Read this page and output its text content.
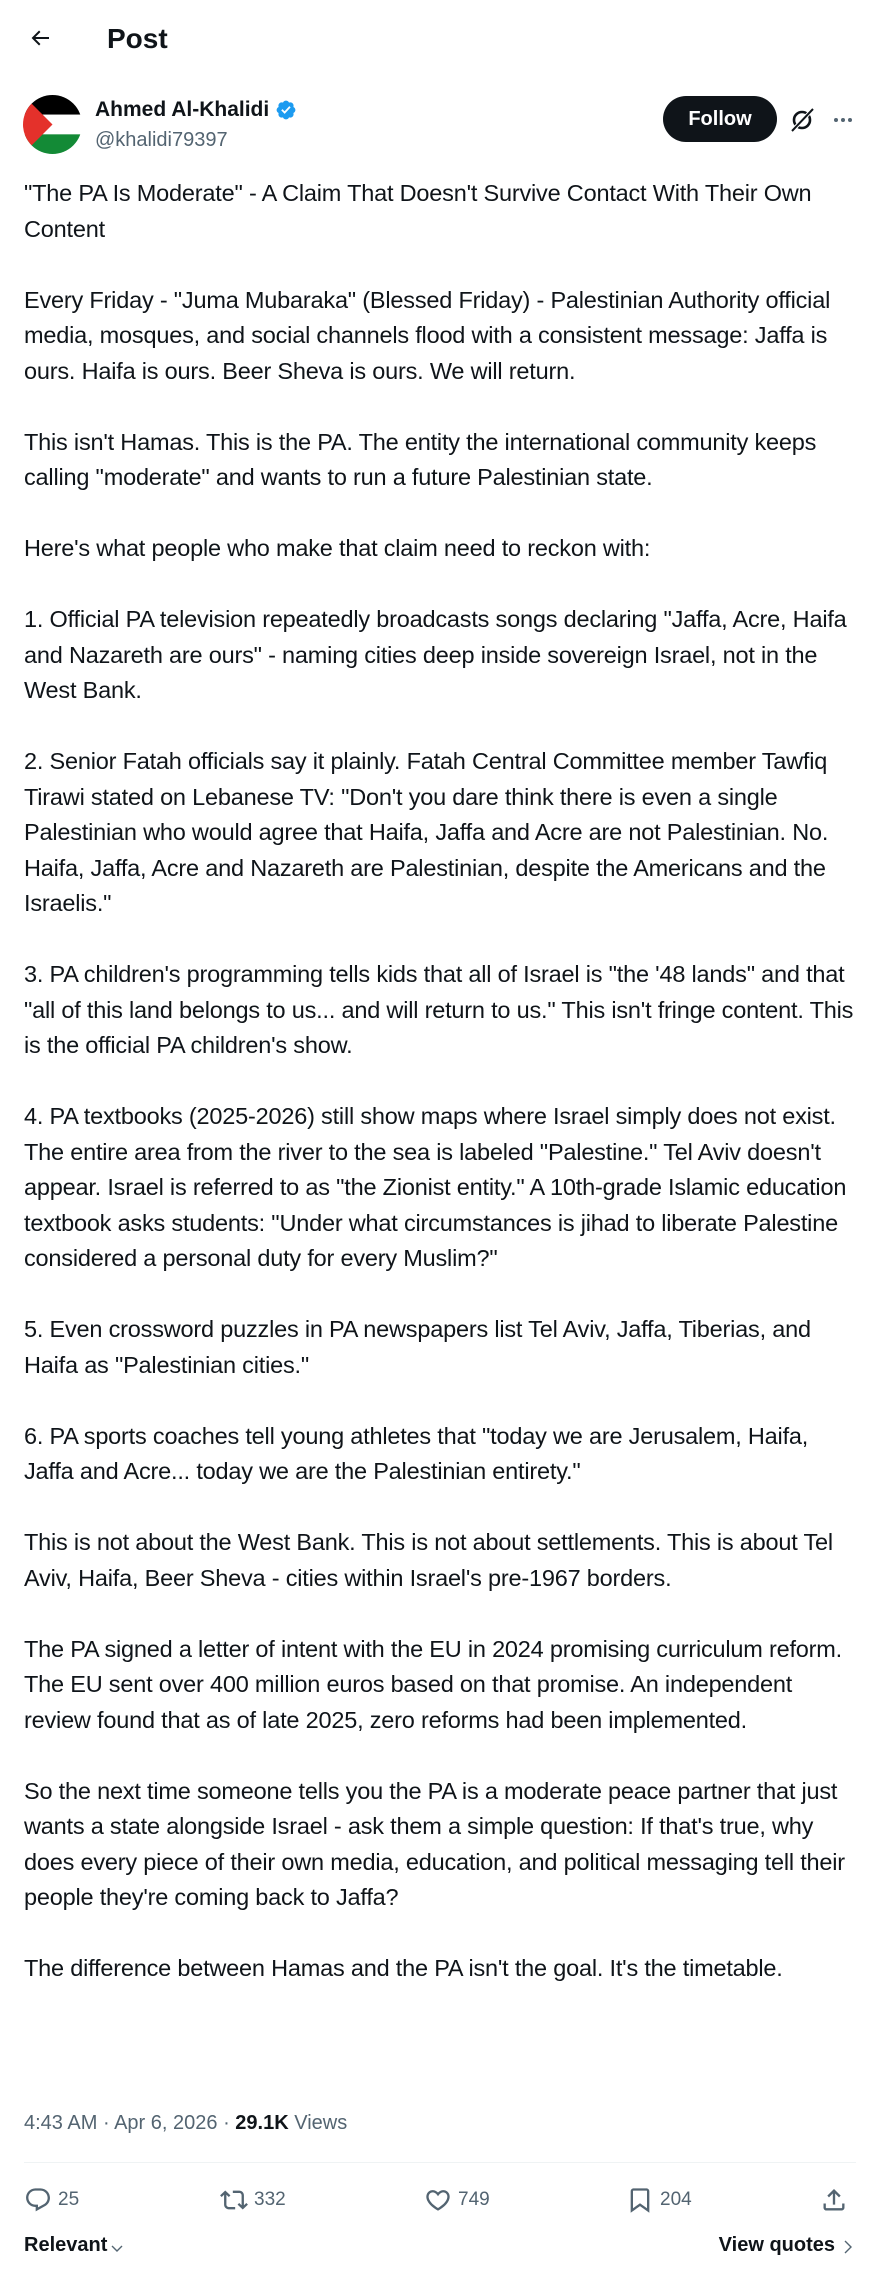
Post
Ahmed Al-Khalidi
@khalidi79397
Follow

"The PA Is Moderate" - A Claim That Doesn't Survive Contact With Their Own Content

Every Friday - "Juma Mubaraka" (Blessed Friday) - Palestinian Authority official media, mosques, and social channels flood with a consistent message: Jaffa is ours. Haifa is ours. Beer Sheva is ours. We will return.

This isn't Hamas. This is the PA. The entity the international community keeps calling "moderate" and wants to run a future Palestinian state.

Here's what people who make that claim need to reckon with:

1. Official PA television repeatedly broadcasts songs declaring "Jaffa, Acre, Haifa and Nazareth are ours" - naming cities deep inside sovereign Israel, not in the West Bank.

2. Senior Fatah officials say it plainly. Fatah Central Committee member Tawfiq Tirawi stated on Lebanese TV: "Don't you dare think there is even a single Palestinian who would agree that Haifa, Jaffa and Acre are not Palestinian. No. Haifa, Jaffa, Acre and Nazareth are Palestinian, despite the Americans and the Israelis."

3. PA children's programming tells kids that all of Israel is "the '48 lands" and that "all of this land belongs to us... and will return to us." This isn't fringe content. This is the official PA children's show.

4. PA textbooks (2025-2026) still show maps where Israel simply does not exist. The entire area from the river to the sea is labeled "Palestine." Tel Aviv doesn't appear. Israel is referred to as "the Zionist entity." A 10th-grade Islamic education textbook asks students: "Under what circumstances is jihad to liberate Palestine considered a personal duty for every Muslim?"

5. Even crossword puzzles in PA newspapers list Tel Aviv, Jaffa, Tiberias, and Haifa as "Palestinian cities."

6. PA sports coaches tell young athletes that "today we are Jerusalem, Haifa, Jaffa and Acre... today we are the Palestinian entirety."

This is not about the West Bank. This is not about settlements. This is about Tel Aviv, Haifa, Beer Sheva - cities within Israel's pre-1967 borders.

The PA signed a letter of intent with the EU in 2024 promising curriculum reform. The EU sent over 400 million euros based on that promise. An independent review found that as of late 2025, zero reforms had been implemented.

So the next time someone tells you the PA is a moderate peace partner that just wants a state alongside Israel - ask them a simple question: If that's true, why does every piece of their own media, education, and political messaging tell their people they're coming back to Jaffa?

The difference between Hamas and the PA isn't the goal. It's the timetable.

4:43 AM · Apr 6, 2026 · 29.1K Views
25	332	749	204
Relevant	View quotes
